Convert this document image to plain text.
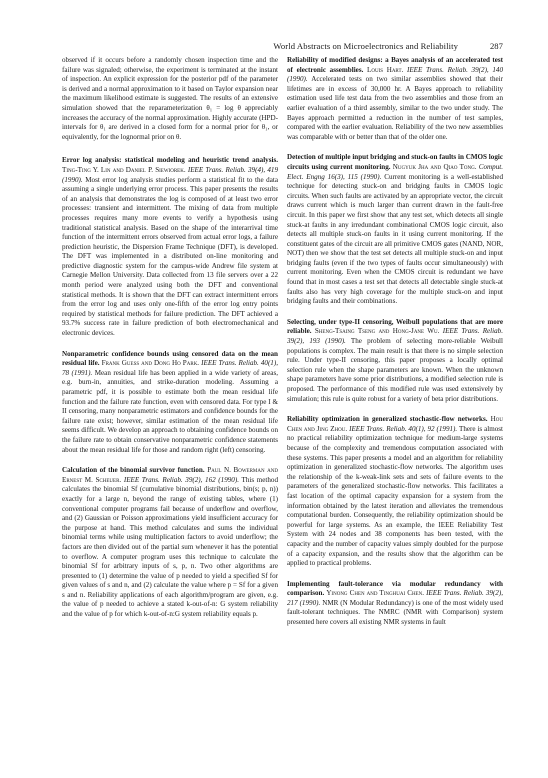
World Abstracts on Microelectronics and Reliability	287

observed if it occurs before a randomly chosen inspection time and the failure was signaled; otherwise, the experiment is terminated at the instant of inspection. An explicit expression for the posterior pdf of the parameter is derived and a normal approximation to it based on Taylor expansion near the maximum likelihood estimate is suggested. The results of an extensive simulation showed that the reparameterization θ₁ = log θ appreciably increases the accuracy of the normal approximation. Highly accurate (HPD-intervals for θ₁ are derived in a closed form for a normal prior for θ₁, or equivalently, for the lognormal prior on θ.

Error log analysis: statistical modeling and heuristic trend analysis. Ting-Ting Y. Lin and Daniel P. Siewiorek. IEEE Trans. Reliab. 39(4), 419 (1990). Most error log analysis studies perform a statistical fit to the data assuming a single underlying error process. This paper presents the results of an analysis that demonstrates the log is composed of at least two error processes: transient and intermittent. The mixing of data from multiple processes requires many more events to verify a hypothesis using traditional statistical analysis. Based on the shape of the interarrival time function of the intermittent errors observed from actual error logs, a failure prediction heuristic, the Dispersion Frame Technique (DFT), is developed. The DFT was implemented in a distributed on-line monitoring and predictive diagnostic system for the campus-wide Andrew file system at Carnegie Mellon University. Data collected from 13 file servers over a 22 month period were analyzed using both the DFT and conventional statistical methods. It is shown that the DFT can extract intermittent errors from the error log and uses only one-fifth of the error log entry points required by statistical methods for failure prediction. The DFT achieved a 93.7% success rate in failure prediction of both electromechanical and electronic devices.

Nonparametric confidence bounds using censored data on the mean residual life. Frank Guess and Dong Ho Park. IEEE Trans. Reliab. 40(1), 78 (1991). Mean residual life has been applied in a wide variety of areas, e.g. burn-in, annuities, and strike-duration modeling. Assuming a parametric pdf, it is possible to estimate both the mean residual life function and the failure rate function, even with censored data. For type I & II censoring, many nonparametric estimators and confidence bounds for the failure rate exist; however, similar estimation of the mean residual life seems difficult. We develop an approach to obtaining confidence bounds on the failure rate to obtain conservative nonparametric confidence statements about the mean residual life for those and random right (left) censoring.

Calculation of the binomial survivor function. Paul N. Bowerman and Ernest M. Scheuer. IEEE Trans. Reliab. 39(2), 162 (1990). This method calculates the binomial Sf (cumulative binomial distributions, bin(s; p, n)) exactly for a large n, beyond the range of existing tables, where (1) conventional computer programs fail because of underflow and overflow, and (2) Gaussian or Poisson approximations yield insufficient accuracy for the purpose at hand. This method calculates and sums the individual binomial terms while using multiplication factors to avoid underflow; the factors are then divided out of the partial sum whenever it has the potential to overflow. A computer program uses this technique to calculate the binomial Sf for arbitrary inputs of s, p, n. Two other algorithms are presented to (1) determine the value of p needed to yield a specified Sf for given values of s and n, and (2) calculate the value where p = Sf for a given s and n. Reliability applications of each algorithm/program are given, e.g. the value of p needed to achieve a stated k-out-of-n: G system reliability and the value of p for which k-out-of-n:G system reliability equals p.

Reliability of modified designs: a Bayes analysis of an accelerated test of electronic assemblies. Louis Hart. IEEE Trans. Reliab. 39(2), 140 (1990). Accelerated tests on two similar assemblies showed that their lifetimes are in excess of 30,000 hr. A Bayes approach to reliability estimation used life test data from the two assemblies and those from an earlier evaluation of a third assembly, similar to the two under study. The Bayes approach permitted a reduction in the number of test samples, compared with the earlier evaluation. Reliability of the two new assemblies was comparable with or better than that of the older one.

Detection of multiple input bridging and stuck-on faults in CMOS logic circuits using current monitoring. Nugyuk Jha and Qiao Tong. Comput. Elect. Engng 16(3), 115 (1990). Current monitoring is a well-established technique for detecting stuck-on and bridging faults in CMOS logic circuits. When such faults are activated by an appropriate vector, the circuit draws current which is much larger than current drawn in the fault-free circuit. In this paper we first show that any test set, which detects all single stuck-at faults in any irredundant combinational CMOS logic circuit, also detects all multiple stuck-on faults in it using current monitoring. If the constituent gates of the circuit are all primitive CMOS gates (NAND, NOR, NOT) then we show that the test set detects all multiple stuck-on and input bridging faults (even if the two types of faults occur simultaneously) with current monitoring. Even when the CMOS circuit is redundant we have found that in most cases a test set that detects all detectable single stuck-at faults also has very high coverage for the multiple stuck-on and input bridging faults and their combinations.

Selecting, under type-II censoring, Weibull populations that are more reliable. Sheng-Tsaing Tseng and Hong-Jane Wu. IEEE Trans. Reliab. 39(2), 193 (1990). The problem of selecting more-reliable Weibull populations is complex. The main result is that there is no simple selection rule. Under type-II censoring, this paper proposes a locally optimal selection rule when the shape parameters are known. When the unknown shape parameters have some prior distributions, a modified selection rule is proposed. The performance of this modified rule was used extensively by simulation; this rule is quite robust for a variety of beta prior distributions.

Reliability optimization in generalized stochastic-flow networks. Hou Chen and Jing Zhou. IEEE Trans. Reliab. 40(1), 92 (1991). There is almost no practical reliability optimization technique for medium-large systems because of the complexity and tremendous computation associated with these systems. This paper presents a model and an algorithm for reliability optimization in generalized stochastic-flow networks. The algorithm uses the relationship of the k-weak-link sets and sets of failure events to the parameters of the generalized stochastic-flow networks. This facilitates a fast location of the optimal capacity expansion for a system from the information obtained by the latest iteration and alleviates the tremendous computational burden. Consequently, the reliability optimization should be powerful for large systems. As an example, the IEEE Reliability Test System with 24 nodes and 38 components has been tested, with the capacity and the number of capacity values simply doubled for the purpose of a capacity expansion, and the results show that the algorithm can be applied to practical problems.

Implementing fault-tolerance via modular redundancy with comparison. Yinong Chen and Tinghuai Chen. IEEE Trans. Reliab. 39(2), 217 (1990). NMR (N Modular Redundancy) is one of the most widely used fault-tolerant techniques. The NMRC (NMR with Comparison) system presented here covers all existing NMR systems in fault
